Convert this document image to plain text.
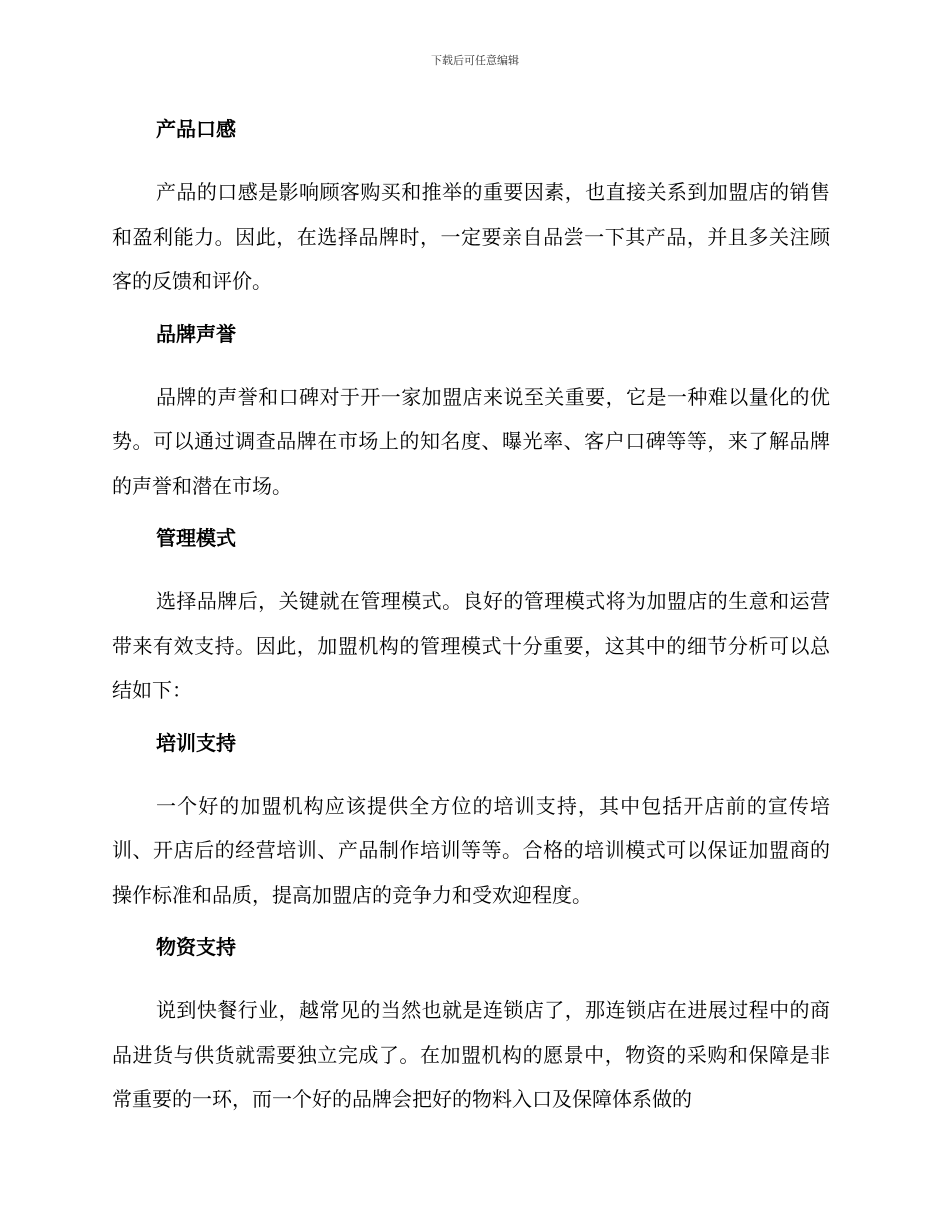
下载后可任意编辑
产品口感

产品的口感是影响顾客购买和推举的重要因素，也直接关系到加盟店的销售和盈利能力。因此，在选择品牌时，一定要亲自品尝一下其产品，并且多关注顾客的反馈和评价。

品牌声誉

品牌的声誉和口碑对于开一家加盟店来说至关重要，它是一种难以量化的优势。可以通过调查品牌在市场上的知名度、曝光率、客户口碑等等，来了解品牌的声誉和潜在市场。

管理模式

选择品牌后，关键就在管理模式。良好的管理模式将为加盟店的生意和运营带来有效支持。因此，加盟机构的管理模式十分重要，这其中的细节分析可以总结如下：

培训支持

一个好的加盟机构应该提供全方位的培训支持，其中包括开店前的宣传培训、开店后的经营培训、产品制作培训等等。合格的培训模式可以保证加盟商的操作标准和品质，提高加盟店的竞争力和受欢迎程度。

物资支持

说到快餐行业，越常见的当然也就是连锁店了，那连锁店在进展过程中的商品进货与供货就需要独立完成了。在加盟机构的愿景中，物资的采购和保障是非常重要的一环，而一个好的品牌会把好的物料入口及保障体系做的
